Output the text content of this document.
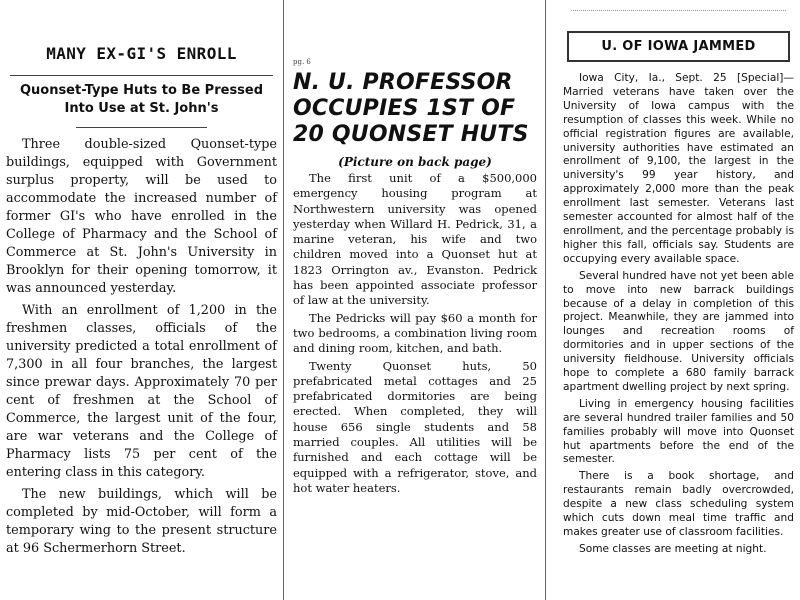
MANY EX-GI'S ENROLL
Quonset-Type Huts to Be Pressed Into Use at St. John's

Three double-sized Quonset-type buildings, equipped with Government surplus property, will be used to accommodate the increased number of former GI's who have enrolled in the College of Pharmacy and the School of Commerce at St. John's University in Brooklyn for their opening tomorrow, it was announced yesterday.

With an enrollment of 1,200 in the freshmen classes, officials of the university predicted a total enrollment of 7,300 in all four branches, the largest since prewar days. Approximately 70 per cent of freshmen at the School of Commerce, the largest unit of the four, are war veterans and the College of Pharmacy lists 75 per cent of the entering class in this category.

The new buildings, which will be completed by mid-October, will form a temporary wing to the present structure at 96 Schermerhorn Street.

pg. 6
N. U. PROFESSOR OCCUPIES 1ST OF 20 QUONSET HUTS
(Picture on back page)

The first unit of a $500,000 emergency housing program at Northwestern university was opened yesterday when Willard H. Pedrick, 31, a marine veteran, his wife and two children moved into a Quonset hut at 1823 Orrington av., Evanston. Pedrick has been appointed associate professor of law at the university.

The Pedricks will pay $60 a month for two bedrooms, a combination living room and dining room, kitchen, and bath.

Twenty Quonset huts, 50 prefabricated metal cottages and 25 prefabricated dormitories are being erected. When completed, they will house 656 single students and 58 married couples. All utilities will be furnished and each cottage will be equipped with a refrigerator, stove, and hot water heaters.

U. OF IOWA JAMMED

Iowa City, Ia., Sept. 25 [Special]—Married veterans have taken over the University of Iowa campus with the resumption of classes this week. While no official registration figures are available, university authorities have estimated an enrollment of 9,100, the largest in the university's 99 year history, and approximately 2,000 more than the peak enrollment last semester. Veterans last semester accounted for almost half of the enrollment, and the percentage probably is higher this fall, officials say. Students are occupying every available space.

Several hundred have not yet been able to move into new barrack buildings because of a delay in completion of this project. Meanwhile, they are jammed into lounges and recreation rooms of dormitories and in upper sections of the university fieldhouse. University officials hope to complete a 680 family barrack apartment dwelling project by next spring.

Living in emergency housing facilities are several hundred trailer families and 50 families probably will move into Quonset hut apartments before the end of the semester.

There is a book shortage, and restaurants remain badly overcrowded, despite a new class scheduling system which cuts down meal time traffic and makes greater use of classroom facilities.

Some classes are meeting at night.
